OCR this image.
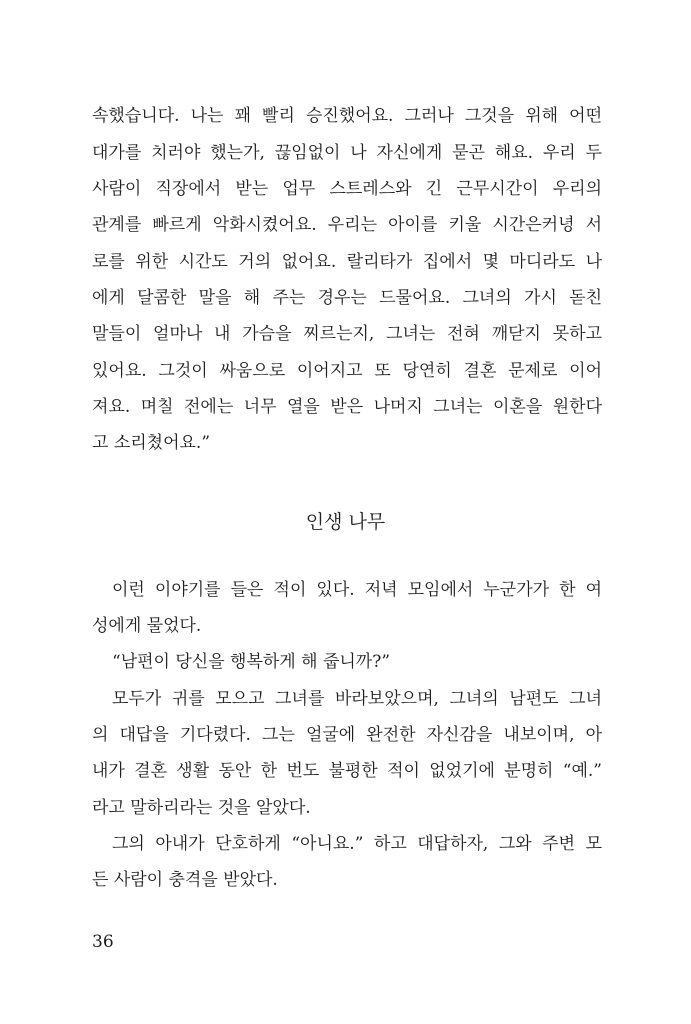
속했습니다. 나는 꽤 빨리 승진했어요. 그러나 그것을 위해 어떤
대가를 치러야 했는가, 끊임없이 나 자신에게 묻곤 해요. 우리 두
사람이 직장에서 받는 업무 스트레스와 긴 근무시간이 우리의
관계를 빠르게 악화시켰어요. 우리는 아이를 키울 시간은커녕 서
로를 위한 시간도 거의 없어요. 랄리타가 집에서 몇 마디라도 나
에게 달콤한 말을 해 주는 경우는 드물어요. 그녀의 가시 돋친
말들이 얼마나 내 가슴을 찌르는지, 그녀는 전혀 깨닫지 못하고
있어요. 그것이 싸움으로 이어지고 또 당연히 결혼 문제로 이어
져요. 며칠 전에는 너무 열을 받은 나머지 그녀는 이혼을 원한다
고 소리쳤어요.”
인생 나무
이런 이야기를 들은 적이 있다. 저녁 모임에서 누군가가 한 여
성에게 물었다.
“남편이 당신을 행복하게 해 줍니까?”
모두가 귀를 모으고 그녀를 바라보았으며, 그녀의 남편도 그녀
의 대답을 기다렸다. 그는 얼굴에 완전한 자신감을 내보이며, 아
내가 결혼 생활 동안 한 번도 불평한 적이 없었기에 분명히 “예.”
라고 말하리라는 것을 알았다.
그의 아내가 단호하게 “아니요.” 하고 대답하자, 그와 주변 모
든 사람이 충격을 받았다.
36
